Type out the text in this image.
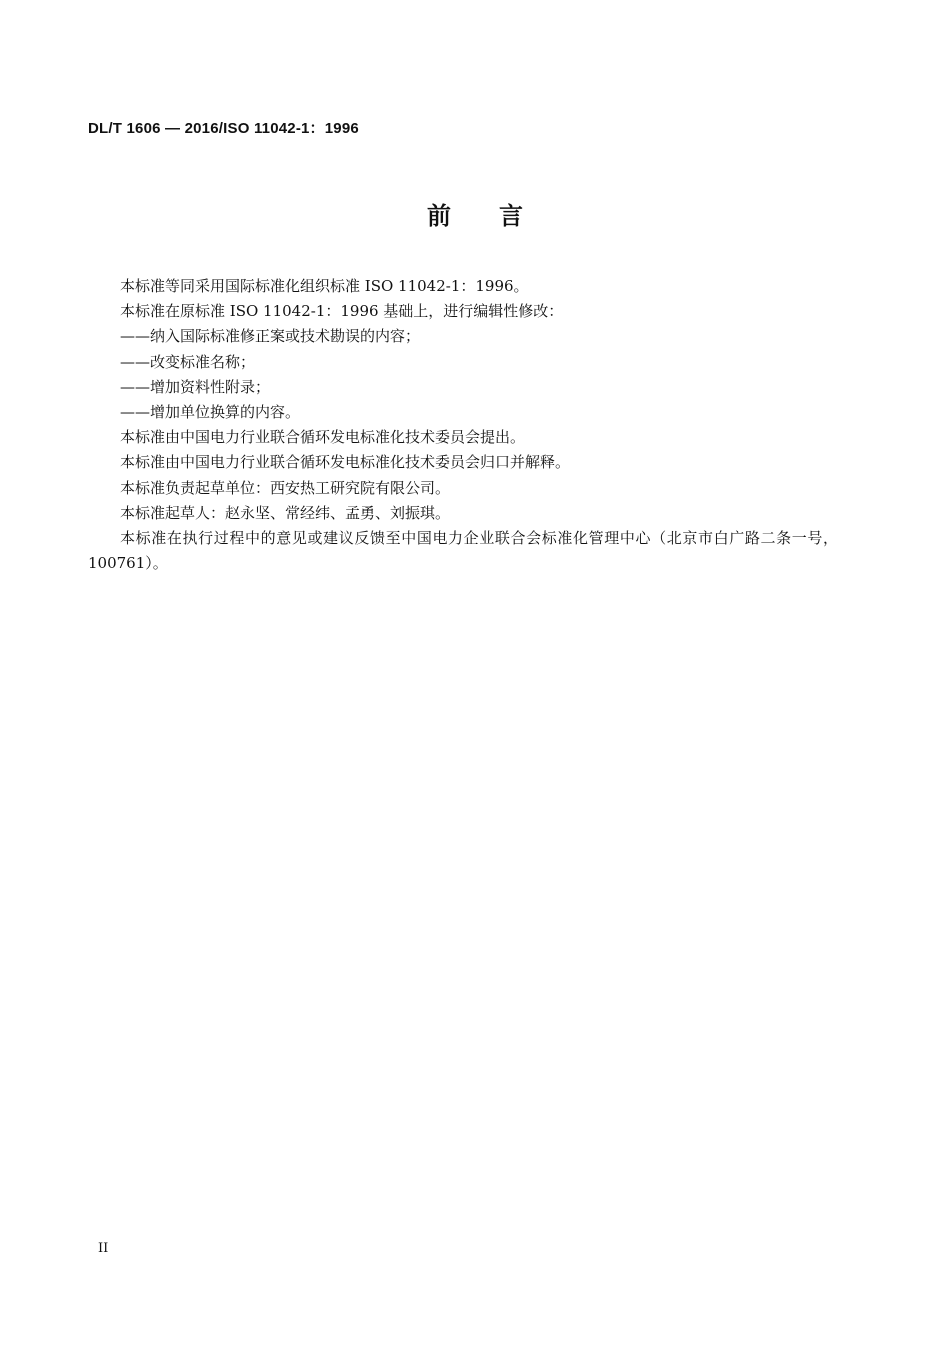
DL/T 1606 — 2016/ISO 11042-1：1996
前言

本标准等同采用国际标准化组织标准 ISO 11042-1：1996。

本标准在原标准 ISO 11042-1：1996 基础上，进行编辑性修改：

——纳入国际标准修正案或技术勘误的内容；

——改变标准名称；

——增加资料性附录；

——增加单位换算的内容。

本标准由中国电力行业联合循环发电标准化技术委员会提出。

本标准由中国电力行业联合循环发电标准化技术委员会归口并解释。

本标准负责起草单位：西安热工研究院有限公司。

本标准起草人：赵永坚、常经纬、孟勇、刘振琪。

本标准在执行过程中的意见或建议反馈至中国电力企业联合会标准化管理中心（北京市白广路二条一号，100761）。

II
